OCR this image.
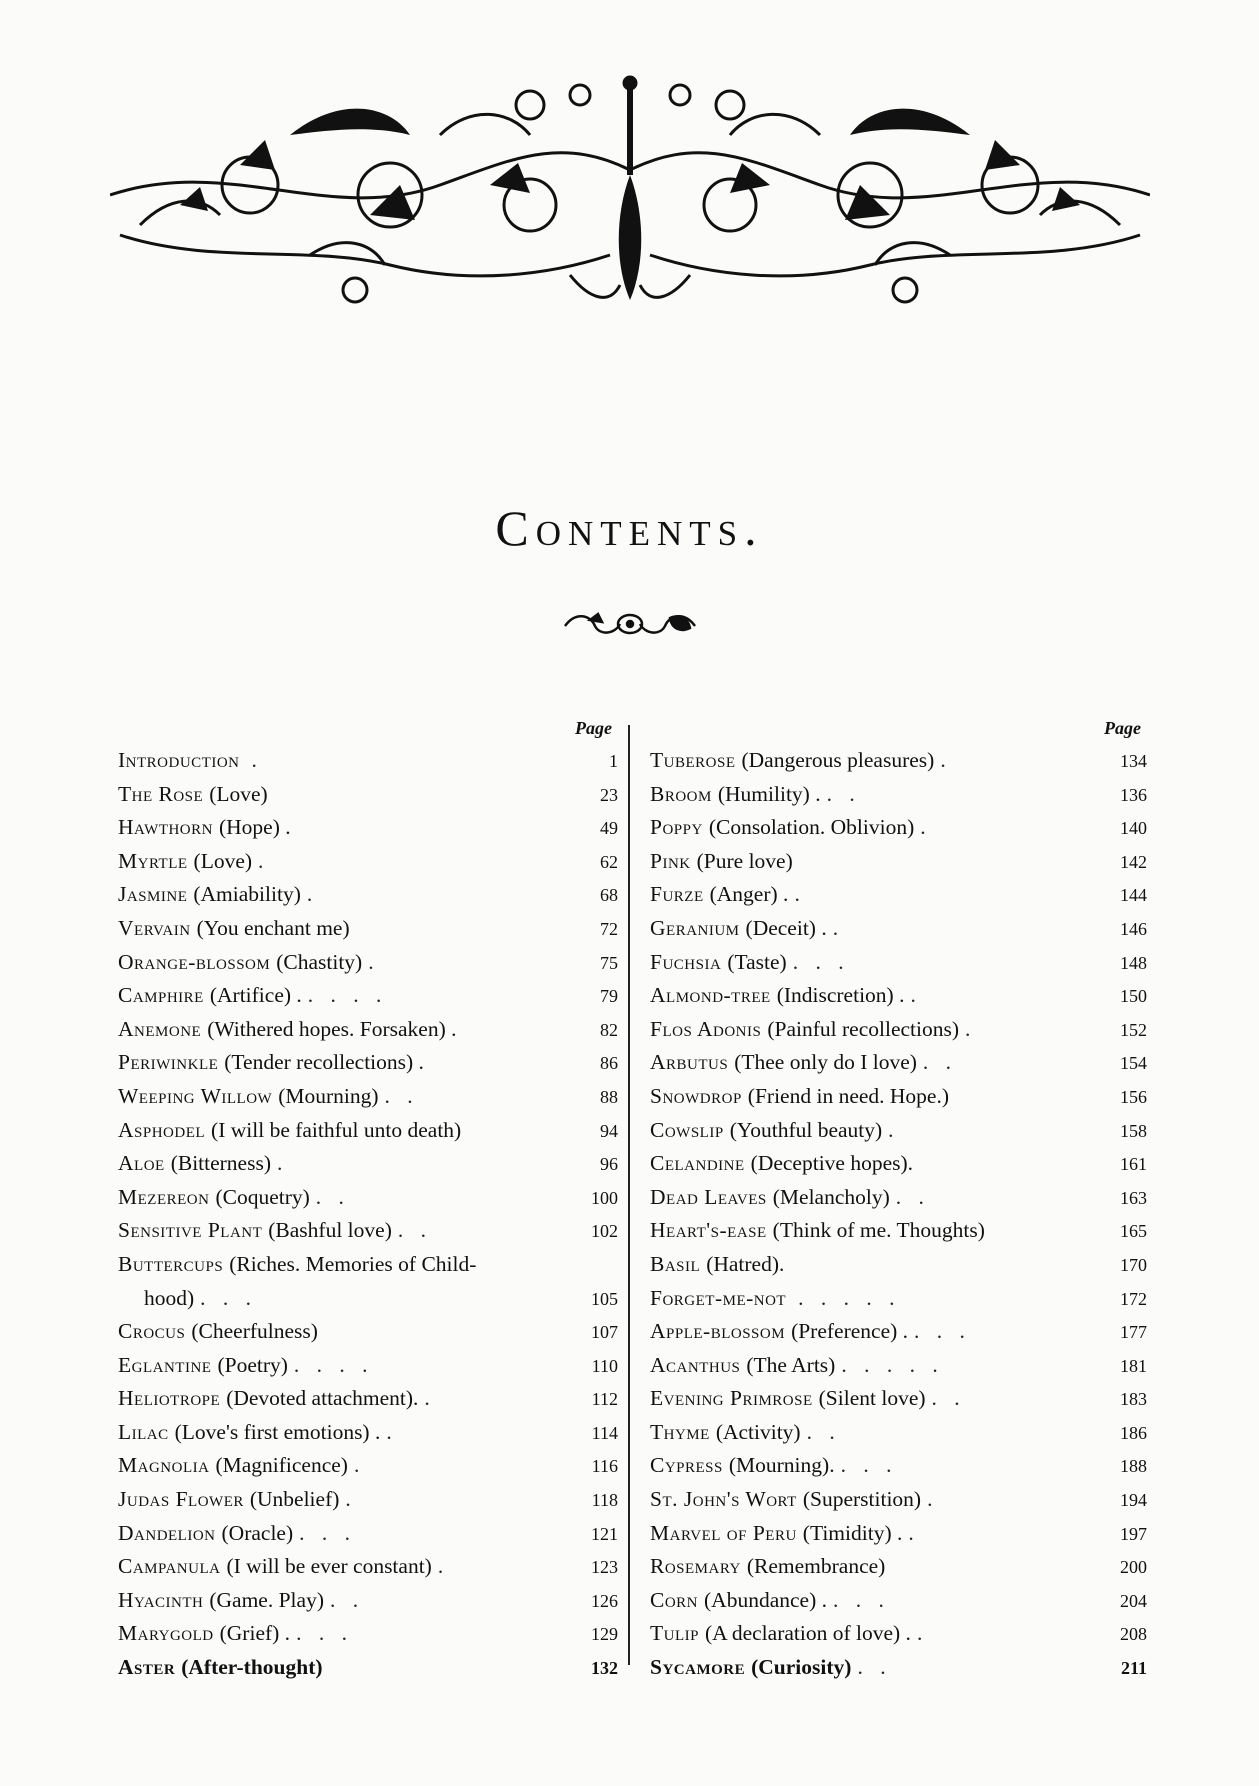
Contents.
Page
Introduction .	1
The Rose (Love)	23
Hawthorn (Hope) .	49
Myrtle (Love) .	62
Jasmine (Amiability) .	68
Vervain (You enchant me)	72
Orange-blossom (Chastity) .	75
Camphire (Artifice) . . . . .	79
Anemone (Withered hopes. Forsaken) .	82
Periwinkle (Tender recollections) .	86
Weeping Willow (Mourning) . .	88
Asphodel (I will be faithful unto death)	94
Aloe (Bitterness) .	96
Mezereon (Coquetry) . .	100
Sensitive Plant (Bashful love) . .	102
Buttercups (Riches. Memories of Child-
hood) . . .	105
Crocus (Cheerfulness)	107
Eglantine (Poetry) . . . .	110
Heliotrope (Devoted attachment). .	112
Lilac (Love's first emotions) . .	114
Magnolia (Magnificence) .	116
Judas Flower (Unbelief) .	118
Dandelion (Oracle) . . .	121
Campanula (I will be ever constant) .	123
Hyacinth (Game. Play) . .	126
Marygold (Grief) . . . .	129
Aster (After-thought)	132
Page
Tuberose (Dangerous pleasures) .	134
Broom (Humility) . . .	136
Poppy (Consolation. Oblivion) .	140
Pink (Pure love)	142
Furze (Anger) . .	144
Geranium (Deceit) . .	146
Fuchsia (Taste) . . .	148
Almond-tree (Indiscretion) . .	150
Flos Adonis (Painful recollections) .	152
Arbutus (Thee only do I love) . .	154
Snowdrop (Friend in need. Hope.)	156
Cowslip (Youthful beauty) .	158
Celandine (Deceptive hopes).	161
Dead Leaves (Melancholy) . .	163
Heart's-ease (Think of me. Thoughts)	165
Basil (Hatred).	170
Forget-me-not . . . . .	172
Apple-blossom (Preference) . . . .	177
Acanthus (The Arts) . . . . .	181
Evening Primrose (Silent love) . .	183
Thyme (Activity) . .	186
Cypress (Mourning). . . .	188
St. John's Wort (Superstition) .	194
Marvel of Peru (Timidity) . .	197
Rosemary (Remembrance)	200
Corn (Abundance) . . . .	204
Tulip (A declaration of love) . .	208
Sycamore (Curiosity) . .	211
